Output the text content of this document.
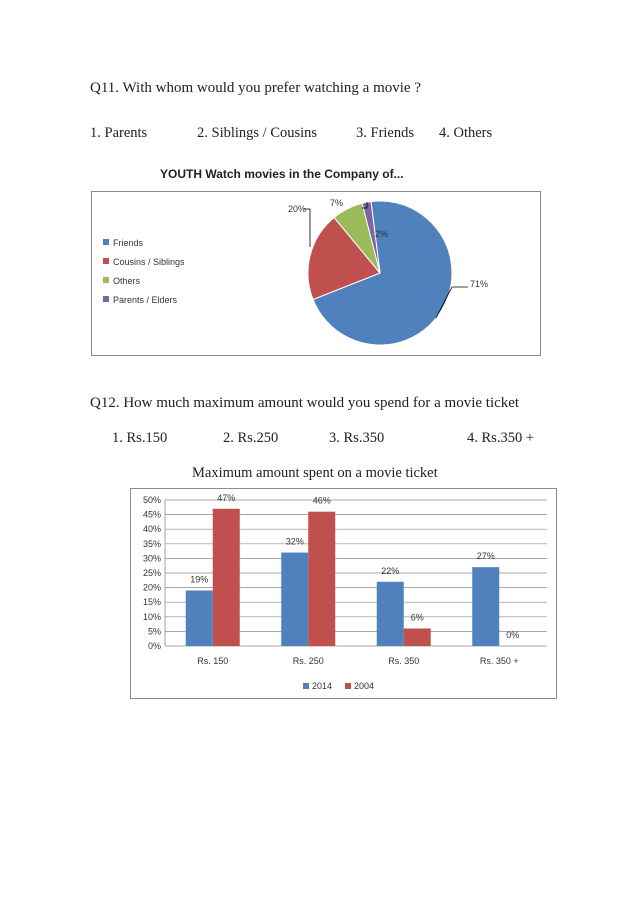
Q11. With whom would you prefer watching a movie ?
1. Parents	2. Siblings / Cousins	3. Friends 4. Others
YOUTH Watch movies in the Company of...
71%
20%
7%
2%
Friends
Cousins / Siblings
Others
Parents / Elders
Q12. How much maximum amount would you spend for a movie ticket
1. Rs.150	2. Rs.250	3. Rs.350	4. Rs.350 +
Maximum amount spent on a movie ticket
0%
5%
10%
15%
20%
25%
30%
35%
40%
45%
50%
Rs. 150
19%
47%
Rs. 250
32%
46%
Rs. 350
22%
6%
Rs. 350 +
27%
0%
2014 2004
